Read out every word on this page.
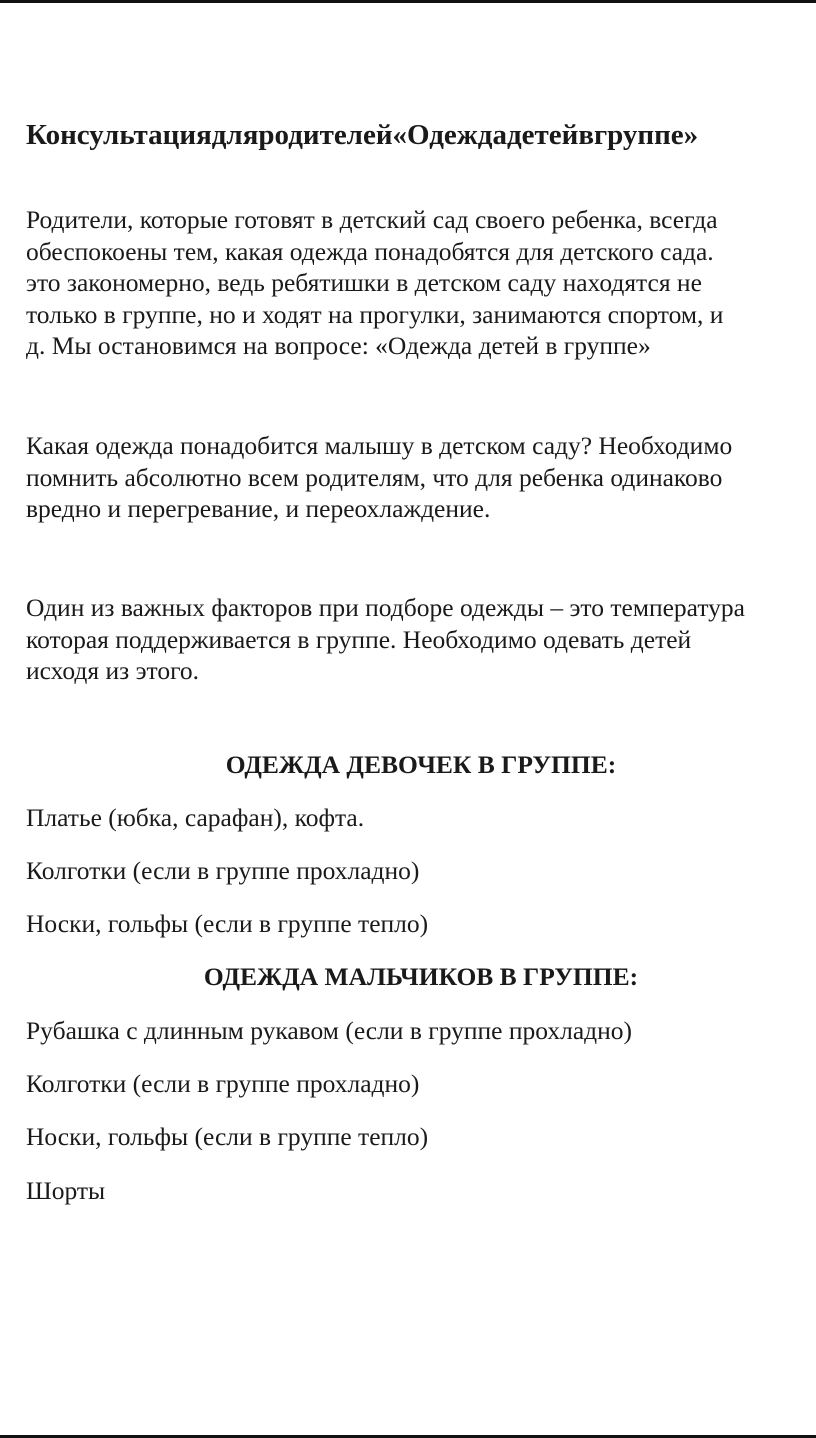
Консультациядляродителей«Одеждадетейвгруппе»

Родители, которые готовят в детский сад своего ребенка, всегда
обеспокоены тем, какая одежда понадобятся для детского сада.
это закономерно, ведь ребятишки в детском саду находятся не
только в группе, но и ходят на прогулки, занимаются спортом, и
д. Мы остановимся на вопросе: «Одежда детей в группе»

Какая одежда понадобится малышу в детском саду? Необходимо
помнить абсолютно всем родителям, что для ребенка одинаково
вредно и перегревание, и переохлаждение.

Один из важных факторов при подборе одежды – это температура
которая поддерживается в группе. Необходимо одевать детей
исходя из этого.

ОДЕЖДА ДЕВОЧЕК В ГРУППЕ:

Платье (юбка, сарафан), кофта.

Колготки (если в группе прохладно)

Носки, гольфы (если в группе тепло)

ОДЕЖДА МАЛЬЧИКОВ В ГРУППЕ:

Рубашка с длинным рукавом (если в группе прохладно)

Колготки (если в группе прохладно)

Носки, гольфы (если в группе тепло)

Шорты
